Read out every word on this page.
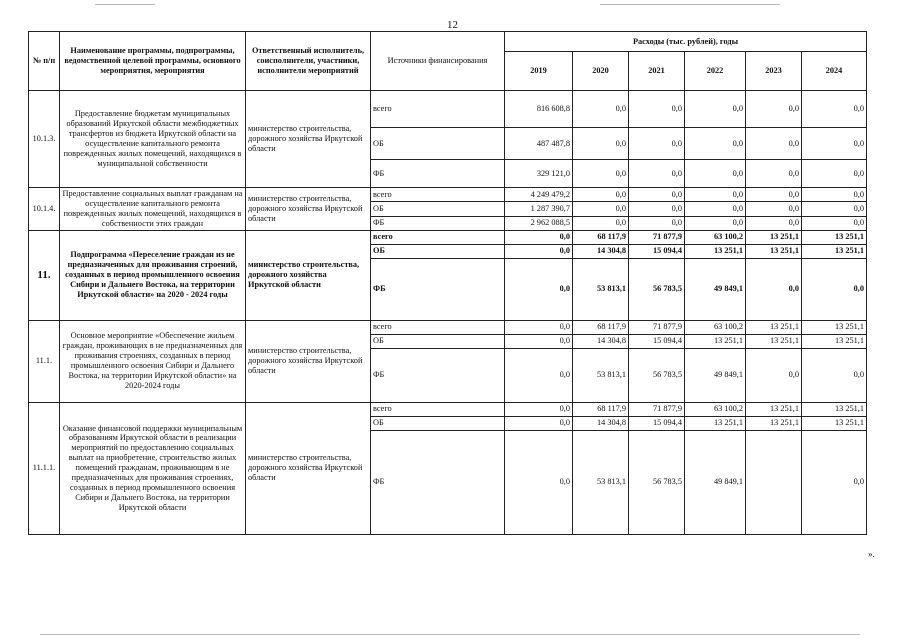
12
№ п/п	Наименование программы, подпрограммы, ведомственной целевой программы, основного мероприятия, мероприятия	Ответственный исполнитель, соисполнители, участники, исполнители мероприятий	Источники финансирования	Расходы (тыс. рублей), годы					
				2019	2020	2021	2022	2023	2024
10.1.3.	Предоставление бюджетам муниципальных образований Иркутской области межбюджетных трансфертов из бюджета Иркутской области на осуществление капитального ремонта поврежденных жилых помещений, находящихся в муниципальной собственности	министерство строительства, дорожного хозяйства Иркутской области	всего	816 608,8	0,0	0,0	0,0	0,0	0,0
			ОБ	487 487,8	0,0	0,0	0,0	0,0	0,0
			ФБ	329 121,0	0,0	0,0	0,0	0,0	0,0
10.1.4.	Предоставление социальных выплат гражданам на осуществление капитального ремонта поврежденных жилых помещений, находящихся в собственности этих граждан	министерство строительства, дорожного хозяйства Иркутской области	всего	4 249 479,2	0,0	0,0	0,0	0,0	0,0
			ОБ	1 287 390,7	0,0	0,0	0,0	0,0	0,0
			ФБ	2 962 088,5	0,0	0,0	0,0	0,0	0,0
11.	Подпрограмма «Переселение граждан из не предназначенных для проживания строений, созданных в период промышленного освоения Сибири и Дальнего Востока, на территории Иркутской области» на 2020 - 2024 годы	министерство строительства, дорожного хозяйства Иркутской области	всего	0,0	68 117,9	71 877,9	63 100,2	13 251,1	13 251,1
			ОБ	0,0	14 304,8	15 094,4	13 251,1	13 251,1	13 251,1
			ФБ	0,0	53 813,1	56 783,5	49 849,1	0,0	0,0
11.1.	Основное мероприятие «Обеспечение жильем граждан, проживающих в не предназначенных для проживания строениях, созданных в период промышленного освоения Сибири и Дальнего Востока, на территории Иркутской области» на 2020-2024 годы	министерство строительства, дорожного хозяйства Иркутской области	всего	0,0	68 117,9	71 877,9	63 100,2	13 251,1	13 251,1
			ОБ	0,0	14 304,8	15 094,4	13 251,1	13 251,1	13 251,1
			ФБ	0,0	53 813,1	56 783,5	49 849,1	0,0	0,0
11.1.1.	Оказание финансовой поддержки муниципальным образованиям Иркутской области в реализации мероприятий по предоставлению социальных выплат на приобретение, строительство жилых помещений гражданам, проживающим в не предназначенных для проживания строениях, созданных в период промышленного освоения Сибири и Дальнего Востока, на территории Иркутской области	министерство строительства, дорожного хозяйства Иркутской области	всего	0,0	68 117,9	71 877,9	63 100,2	13 251,1	13 251,1
			ОБ	0,0	14 304,8	15 094,4	13 251,1	13 251,1	13 251,1
			ФБ	0,0	53 813,1	56 783,5	49 849,1		0,0
».
